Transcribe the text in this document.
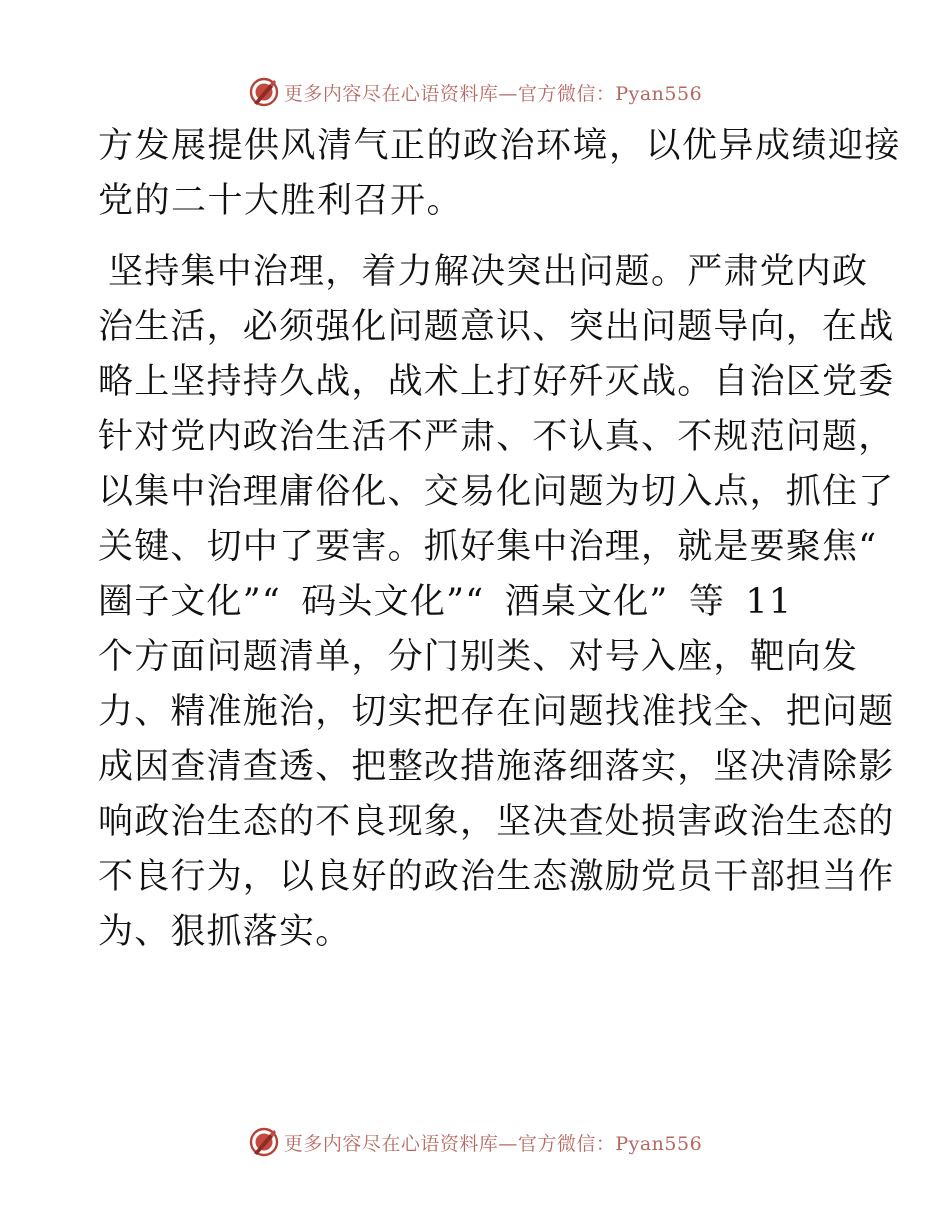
更多内容尽在心语资料库—官方微信：Pyan556

方发展提供风清气正的政治环境，以优异成绩迎接
党的二十大胜利召开。

坚持集中治理，着力解决突出问题。严肃党内政
治生活，必须强化问题意识、突出问题导向，在战
略上坚持持久战，战术上打好歼灭战。自治区党委
针对党内政治生活不严肃、不认真、不规范问题，
以集中治理庸俗化、交易化问题为切入点，抓住了
关键、切中了要害。抓好集中治理，就是要聚焦“
圈子文化”“ 码头文化”“ 酒桌文化” 等 11
个方面问题清单，分门别类、对号入座，靶向发
力、精准施治，切实把存在问题找准找全、把问题
成因查清查透、把整改措施落细落实，坚决清除影
响政治生态的不良现象，坚决查处损害政治生态的
不良行为，以良好的政治生态激励党员干部担当作
为、狠抓落实。

更多内容尽在心语资料库—官方微信：Pyan556
